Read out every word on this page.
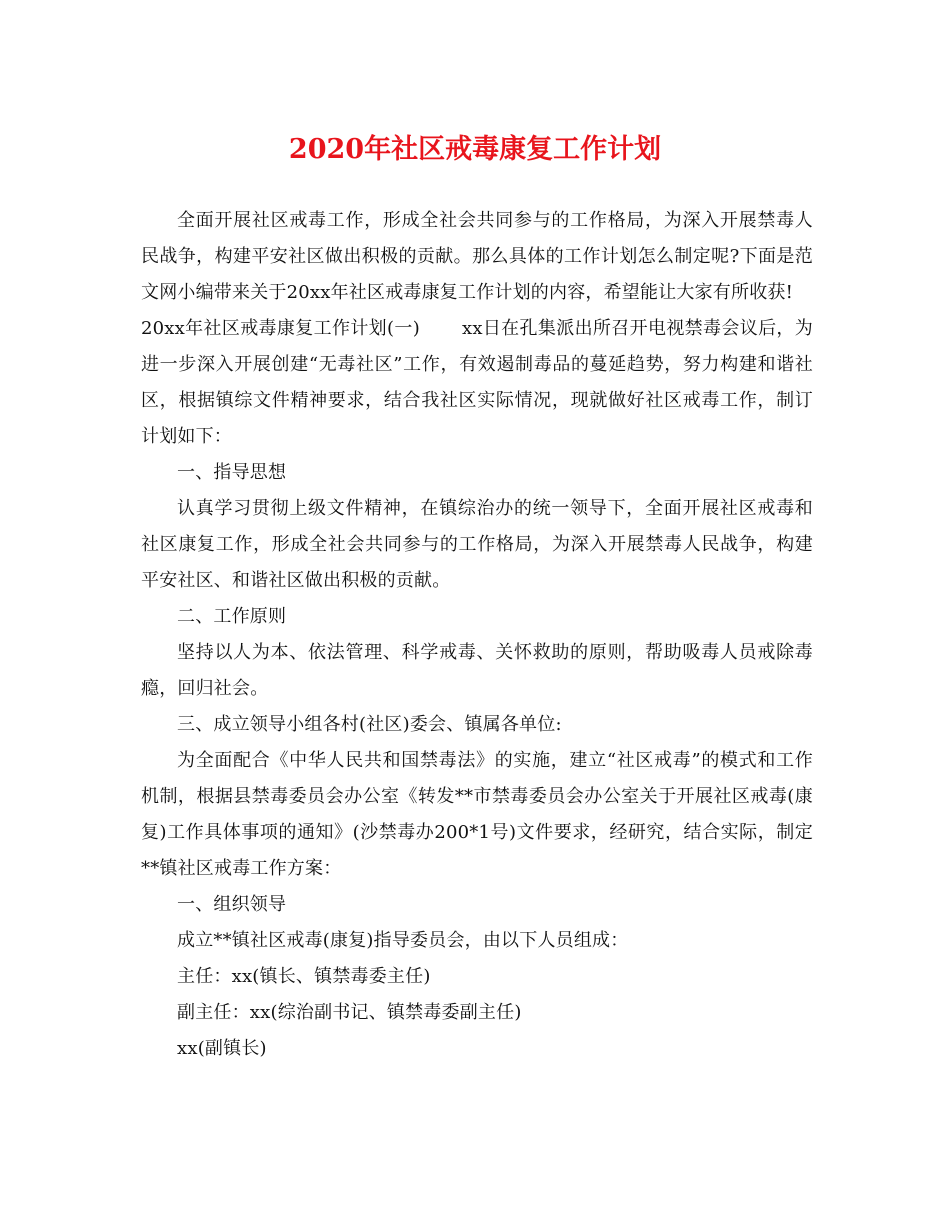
2020年社区戒毒康复工作计划

全面开展社区戒毒工作，形成全社会共同参与的工作格局，为深入开展禁毒人民战争，构建平安社区做出积极的贡献。那么具体的工作计划怎么制定呢?下面是范文网小编带来关于20xx年社区戒毒康复工作计划的内容，希望能让大家有所收获!

20xx年社区戒毒康复工作计划(一) xx日在孔集派出所召开电视禁毒会议后，为进一步深入开展创建“无毒社区”工作，有效遏制毒品的蔓延趋势，努力构建和谐社区，根据镇综文件精神要求，结合我社区实际情况，现就做好社区戒毒工作，制订计划如下：

一、指导思想

认真学习贯彻上级文件精神，在镇综治办的统一领导下，全面开展社区戒毒和社区康复工作，形成全社会共同参与的工作格局，为深入开展禁毒人民战争，构建平安社区、和谐社区做出积极的贡献。

二、工作原则

坚持以人为本、依法管理、科学戒毒、关怀救助的原则，帮助吸毒人员戒除毒瘾，回归社会。

三、成立领导小组各村(社区)委会、镇属各单位:

为全面配合《中华人民共和国禁毒法》的实施，建立“社区戒毒”的模式和工作机制，根据县禁毒委员会办公室《转发**市禁毒委员会办公室关于开展社区戒毒(康复)工作具体事项的通知》(沙禁毒办200*1号)文件要求，经研究，结合实际，制定**镇社区戒毒工作方案：

一、组织领导

成立**镇社区戒毒(康复)指导委员会，由以下人员组成：

主任：xx(镇长、镇禁毒委主任)

副主任：xx(综治副书记、镇禁毒委副主任)

xx(副镇长)
